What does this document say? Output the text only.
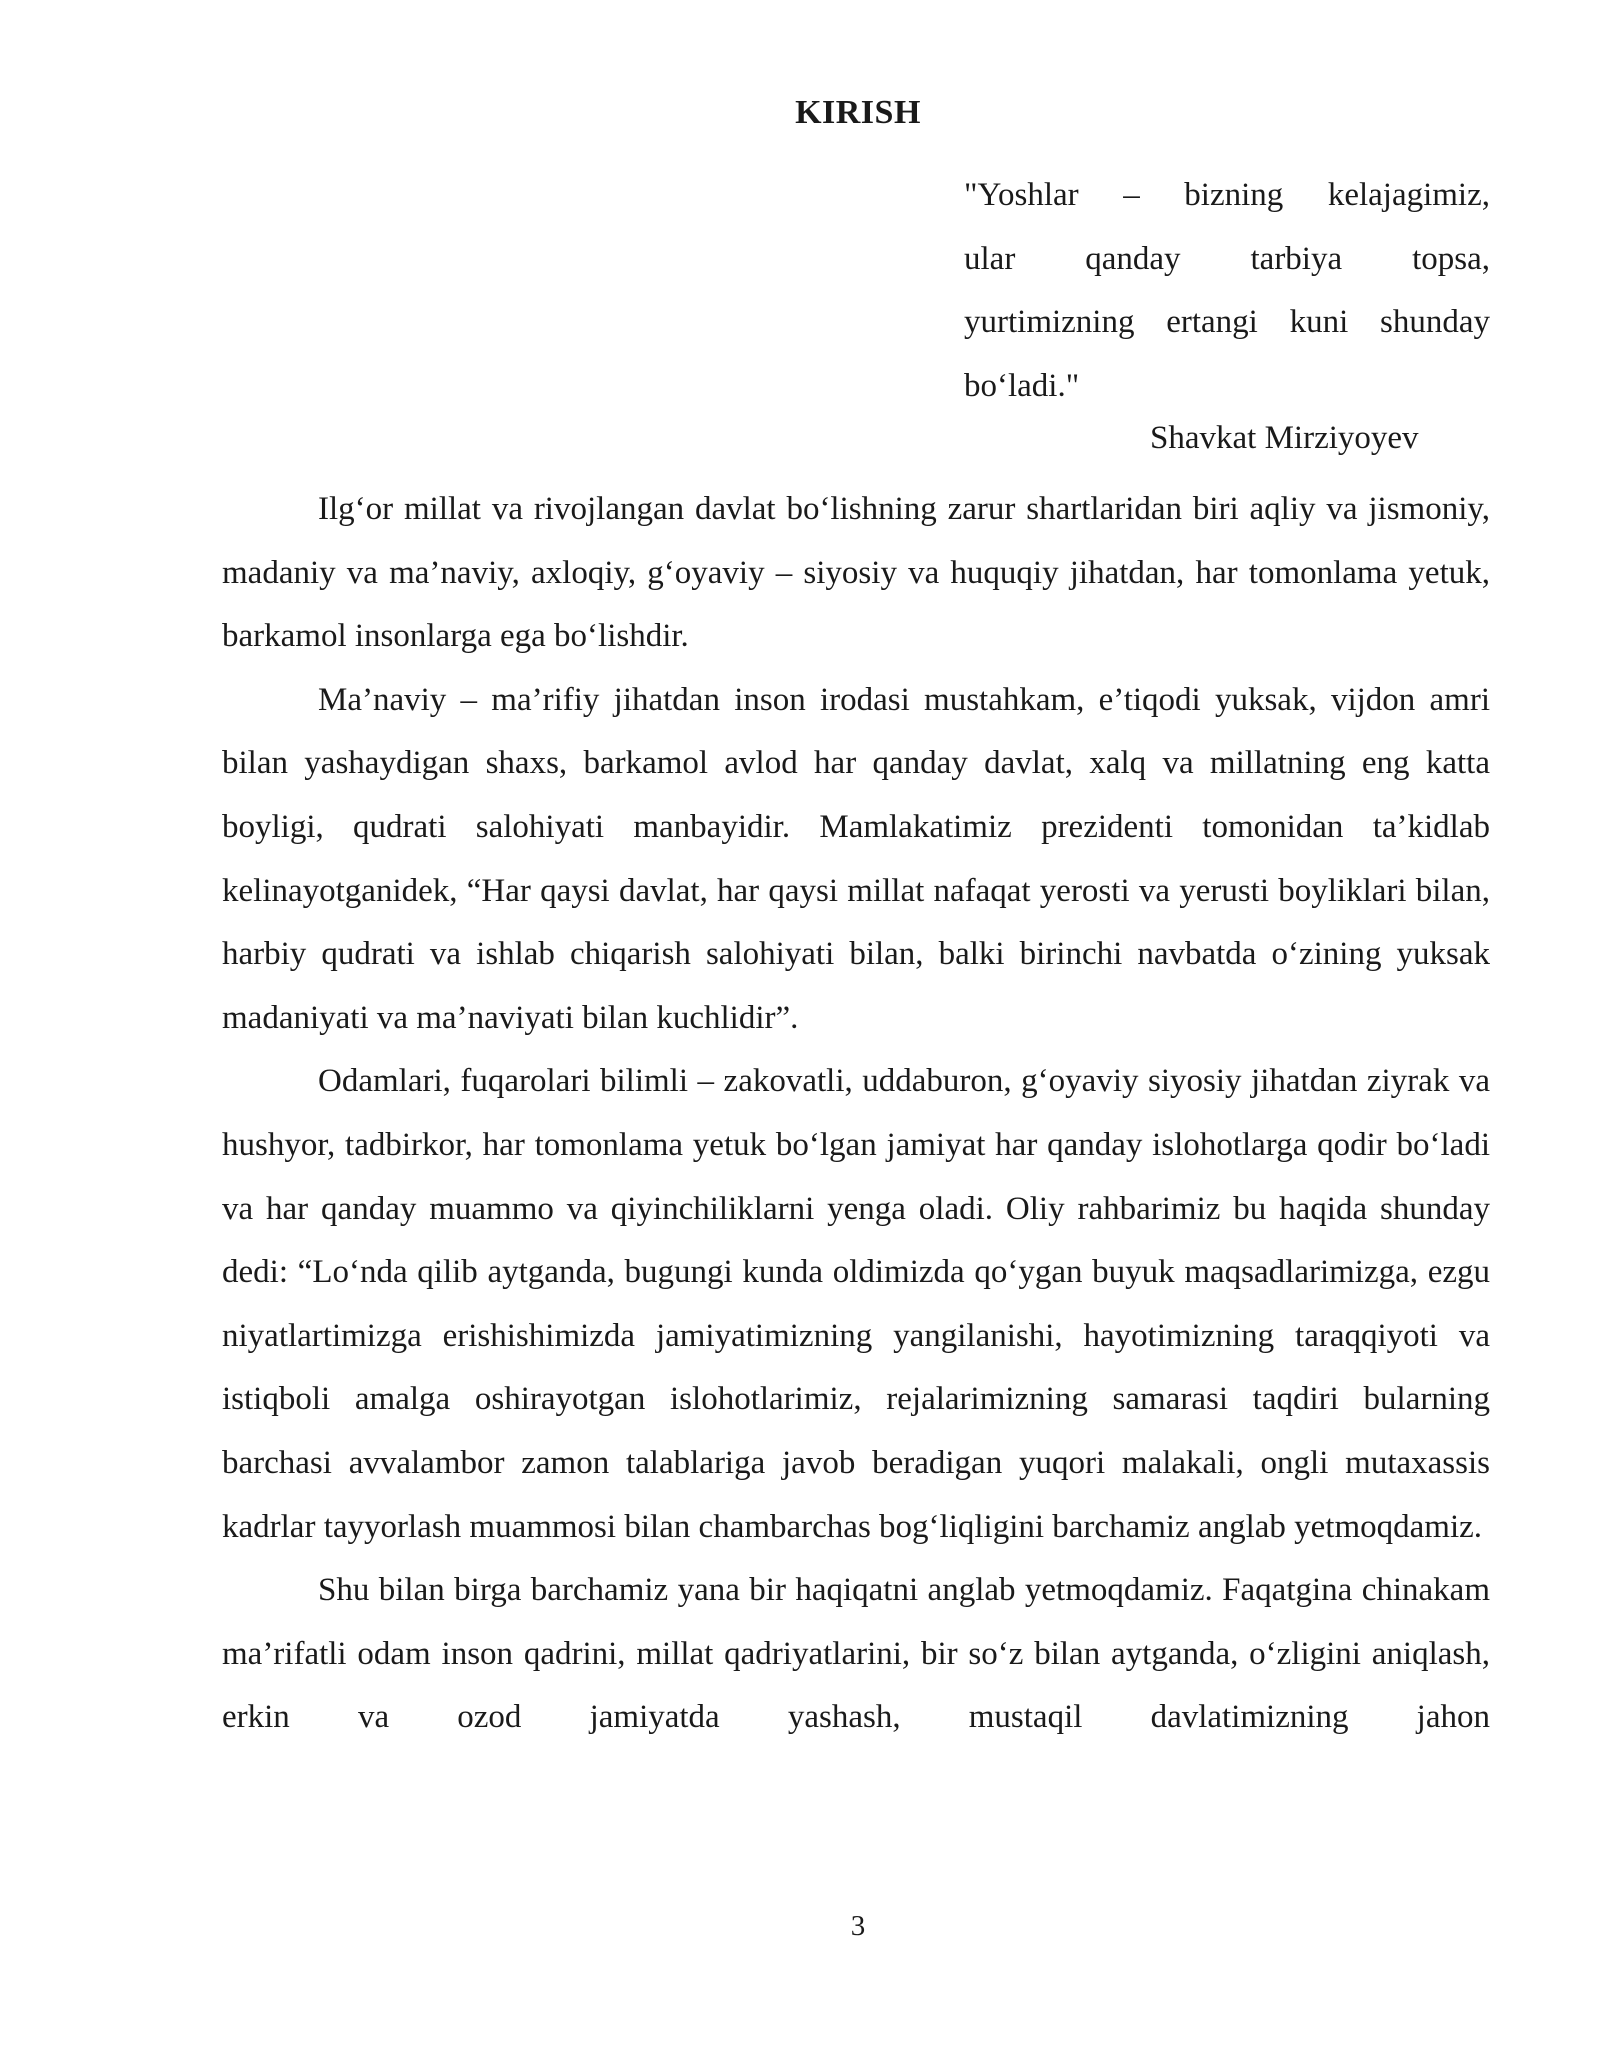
KIRISH
"Yoshlar – bizning kelajagimiz,
ular qanday tarbiya topsa,
yurtimizning ertangi kuni shunday
bo‘ladi."
Shavkat Mirziyoyev

Ilg‘or millat va rivojlangan davlat bo‘lishning zarur shartlaridan biri aqliy va jismoniy, madaniy va ma’naviy, axloqiy, g‘oyaviy – siyosiy va huquqiy jihatdan, har tomonlama yetuk, barkamol insonlarga ega bo‘lishdir.

Ma’naviy – ma’rifiy jihatdan inson irodasi mustahkam, e’tiqodi yuksak, vijdon amri bilan yashaydigan shaxs, barkamol avlod har qanday davlat, xalq va millatning eng katta boyligi, qudrati salohiyati manbayidir. Mamlakatimiz prezidenti tomonidan ta’kidlab kelinayotganidek, “Har qaysi davlat, har qaysi millat nafaqat yerosti va yerusti boyliklari bilan, harbiy qudrati va ishlab chiqarish salohiyati bilan, balki birinchi navbatda o‘zining yuksak madaniyati va ma’naviyati bilan kuchlidir”.

Odamlari, fuqarolari bilimli – zakovatli, uddaburon, g‘oyaviy siyosiy jihatdan ziyrak va hushyor, tadbirkor, har tomonlama yetuk bo‘lgan jamiyat har qanday islohotlarga qodir bo‘ladi va har qanday muammo va qiyinchiliklarni yenga oladi. Oliy rahbarimiz bu haqida shunday dedi: “Lo‘nda qilib aytganda, bugungi kunda oldimizda qo‘ygan buyuk maqsadlarimizga, ezgu niyatlartimizga erishishimizda jamiyatimizning yangilanishi, hayotimizning taraqqiyoti va istiqboli amalga oshirayotgan islohotlarimiz, rejalarimizning samarasi taqdiri bularning barchasi avvalambor zamon talablariga javob beradigan yuqori malakali, ongli mutaxassis kadrlar tayyorlash muammosi bilan chambarchas bog‘liqligini barchamiz anglab yetmoqdamiz.

Shu bilan birga barchamiz yana bir haqiqatni anglab yetmoqdamiz. Faqatgina chinakam ma’rifatli odam inson qadrini, millat qadriyatlarini, bir so‘z bilan aytganda, o‘zligini aniqlash, erkin va ozod jamiyatda yashash, mustaqil davlatimizning jahon

3
